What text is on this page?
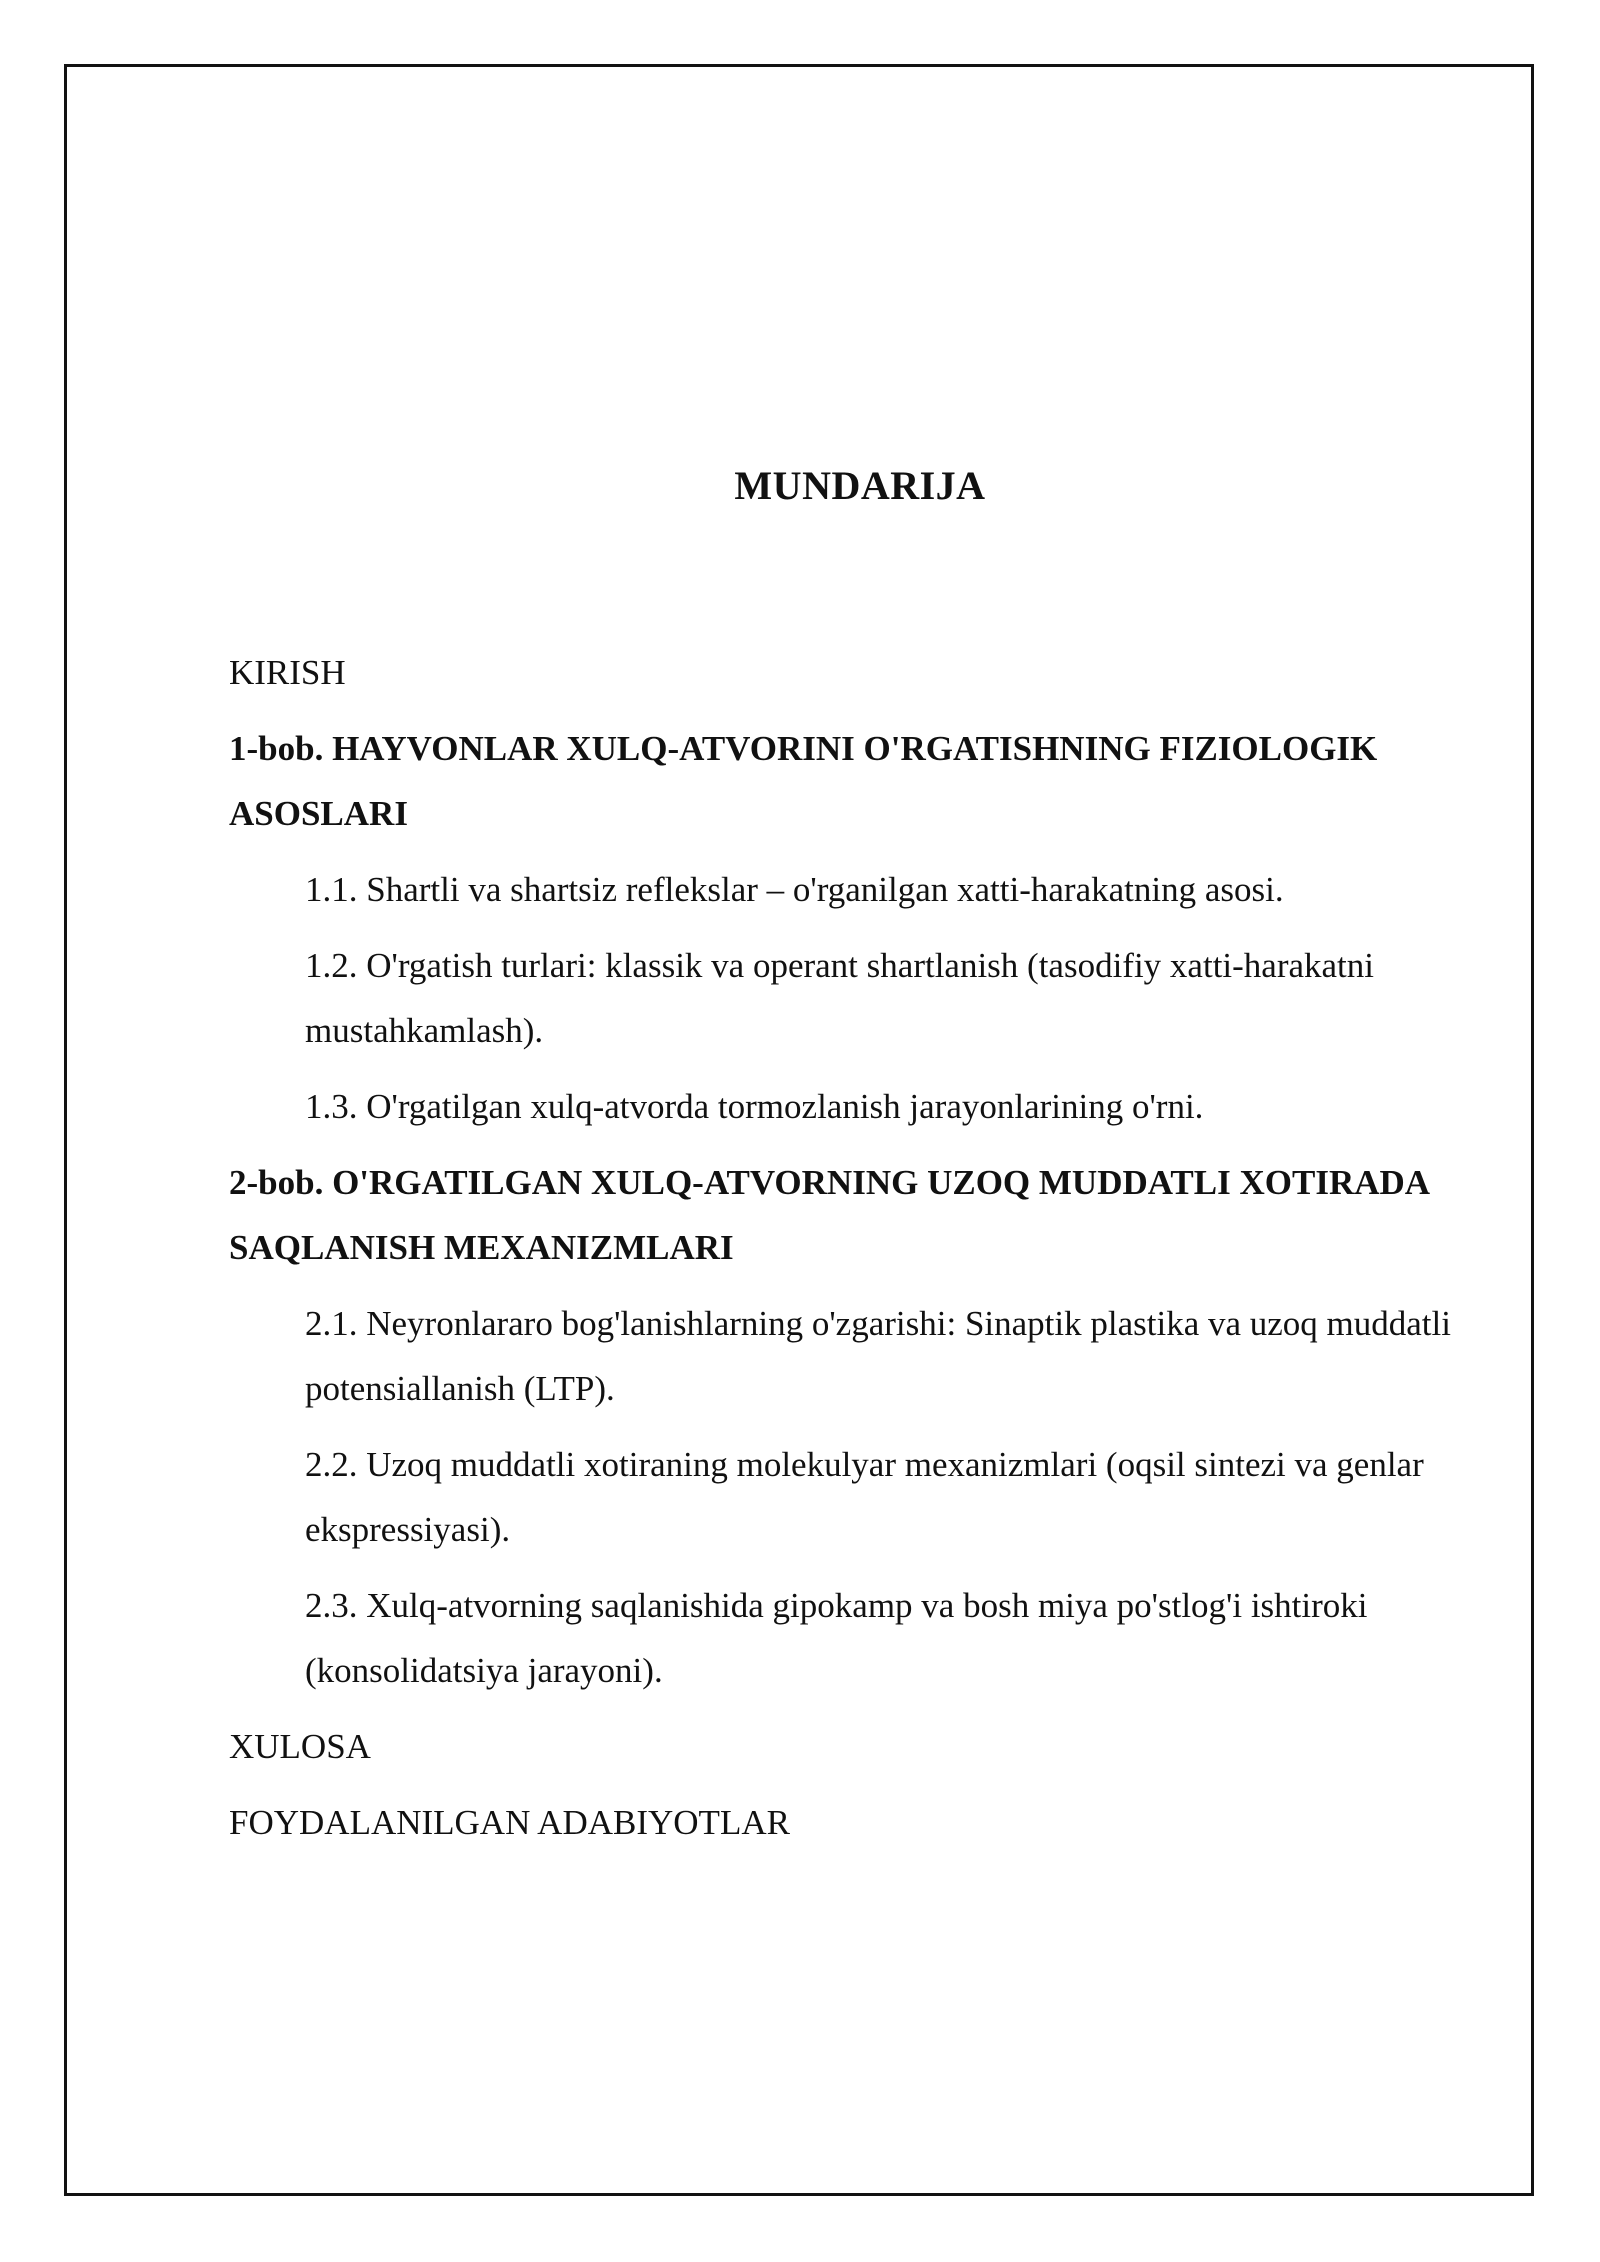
MUNDARIJA
KIRISH
1-bob. HAYVONLAR XULQ-ATVORINI O'RGATISHNING FIZIOLOGIK ASOSLARI
1.1. Shartli va shartsiz reflekslar – o'rganilgan xatti-harakatning asosi.
1.2. O'rgatish turlari: klassik va operant shartlanish (tasodifiy xatti-harakatni mustahkamlash).
1.3. O'rgatilgan xulq-atvorda tormozlanish jarayonlarining o'rni.
2-bob. O'RGATILGAN XULQ-ATVORNING UZOQ MUDDATLI XOTIRADA SAQLANISH MEXANIZMLARI
2.1. Neyronlararo bog'lanishlarning o'zgarishi: Sinaptik plastika va uzoq muddatli potensiallanish (LTP).
2.2. Uzoq muddatli xotiraning molekulyar mexanizmlari (oqsil sintezi va genlar ekspressiyasi).
2.3. Xulq-atvorning saqlanishida gipokamp va bosh miya po'stlog'i ishtiroki (konsolidatsiya jarayoni).
XULOSA
FOYDALANILGAN ADABIYOTLAR
